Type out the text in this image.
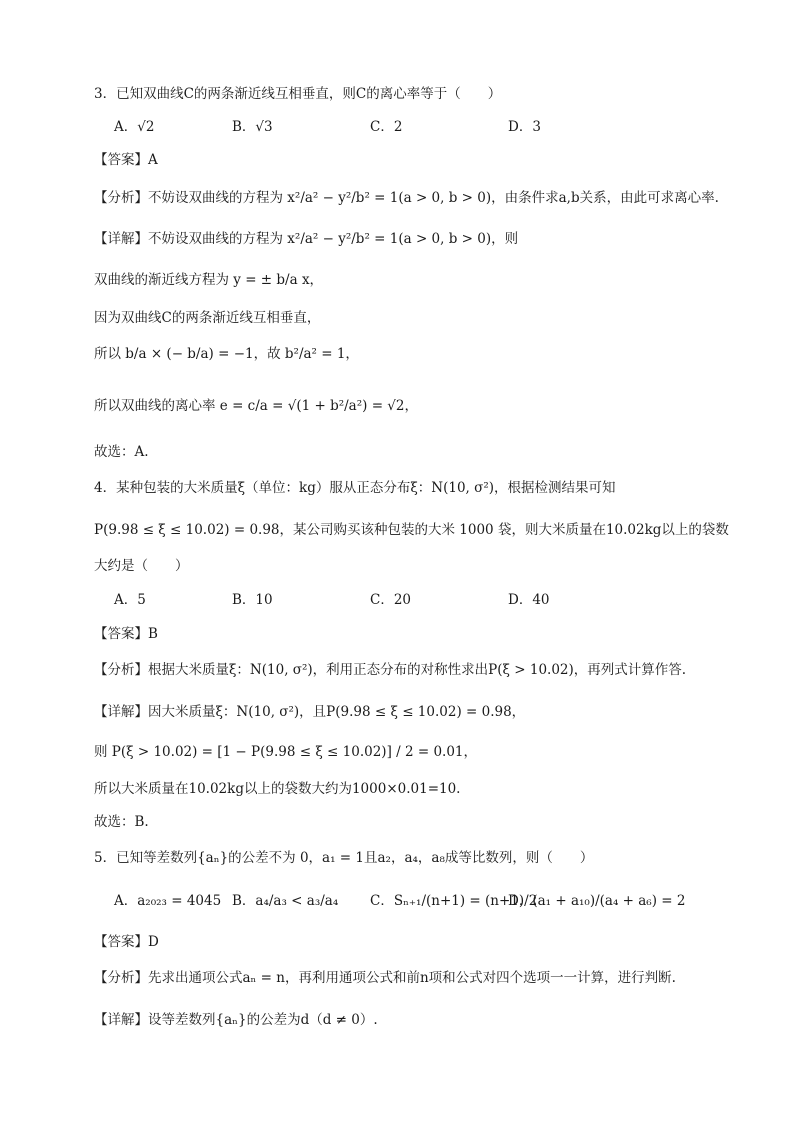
3．已知双曲线C的两条渐近线互相垂直，则C的离心率等于（　　）
A．√2	B．√3	C．2	D．3
【答案】A
【分析】不妨设双曲线的方程为 x²/a² − y²/b² = 1(a > 0, b > 0)，由条件求a,b关系，由此可求离心率.
【详解】不妨设双曲线的方程为 x²/a² − y²/b² = 1(a > 0, b > 0)，则
双曲线的渐近线方程为 y = ± b/a x，
因为双曲线C的两条渐近线互相垂直，
所以 b/a × (− b/a) = −1，故 b²/a² = 1，
所以双曲线的离心率 e = c/a = √(1 + b²/a²) = √2，
故选：A.
4．某种包装的大米质量ξ（单位：kg）服从正态分布ξ：N(10, σ²)，根据检测结果可知
P(9.98 ≤ ξ ≤ 10.02) = 0.98，某公司购买该种包装的大米 1000 袋，则大米质量在10.02kg以上的袋数
大约是（　　）
A．5	B．10	C．20	D．40
【答案】B
【分析】根据大米质量ξ：N(10, σ²)，利用正态分布的对称性求出P(ξ > 10.02)，再列式计算作答.
【详解】因大米质量ξ：N(10, σ²)，且P(9.98 ≤ ξ ≤ 10.02) = 0.98，
则 P(ξ > 10.02) = [1 − P(9.98 ≤ ξ ≤ 10.02)] / 2 = 0.01，
所以大米质量在10.02kg以上的袋数大约为1000×0.01=10.
故选：B.
5．已知等差数列{aₙ}的公差不为 0，a₁ = 1且a₂，a₄，a₈成等比数列，则（　　）
A．a₂₀₂₃ = 4045 B．a₄/a₃ < a₃/a₄ C．Sₙ₊₁/(n+1) = (n+1)/2
D．(a₁ + a₁₀)/(a₄ + a₆) = 2
【答案】D
【分析】先求出通项公式aₙ = n，再利用通项公式和前n项和公式对四个选项一一计算，进行判断.
【详解】设等差数列{aₙ}的公差为d（d ≠ 0）.
